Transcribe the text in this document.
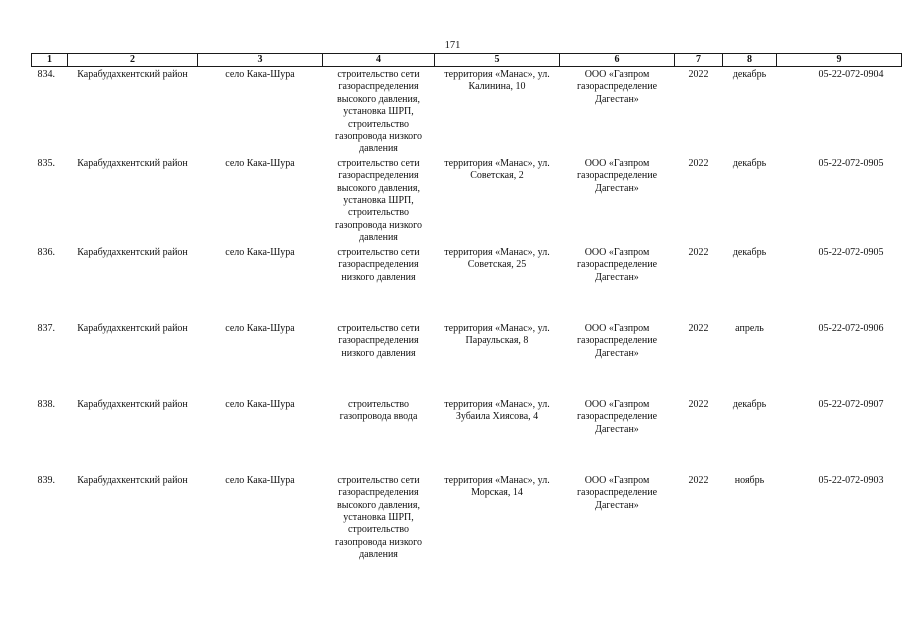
171
1	2	3	4	5	6	7	8	9
834.	Карабудахкентский район	село Кака-Шура	строительство сети газораспределения высокого давления, установка ШРП, строительство газопровода низкого давления	территория «Манас», ул. Калинина, 10	ООО «Газпром газораспределение Дагестан»	2022	декабрь	05-22-072-0904
835.	Карабудахкентский район	село Кака-Шура	строительство сети газораспределения высокого давления, установка ШРП, строительство газопровода низкого давления	территория «Манас», ул. Советская, 2	ООО «Газпром газораспределение Дагестан»	2022	декабрь	05-22-072-0905
836.	Карабудахкентский район	село Кака-Шура	строительство сети газораспределения низкого давления	территория «Манас», ул. Советская, 25	ООО «Газпром газораспределение Дагестан»	2022	декабрь	05-22-072-0905
837.	Карабудахкентский район	село Кака-Шура	строительство сети газораспределения низкого давления	территория «Манас», ул. Параульская, 8	ООО «Газпром газораспределение Дагестан»	2022	апрель	05-22-072-0906
838.	Карабудахкентский район	село Кака-Шура	строительство газопровода ввода	территория «Манас», ул. Зубаила Хиясова, 4	ООО «Газпром газораспределение Дагестан»	2022	декабрь	05-22-072-0907
839.	Карабудахкентский район	село Кака-Шура	строительство сети газораспределения высокого давления, установка ШРП, строительство газопровода низкого давления	территория «Манас», ул. Морская, 14	ООО «Газпром газораспределение Дагестан»	2022	ноябрь	05-22-072-0903
